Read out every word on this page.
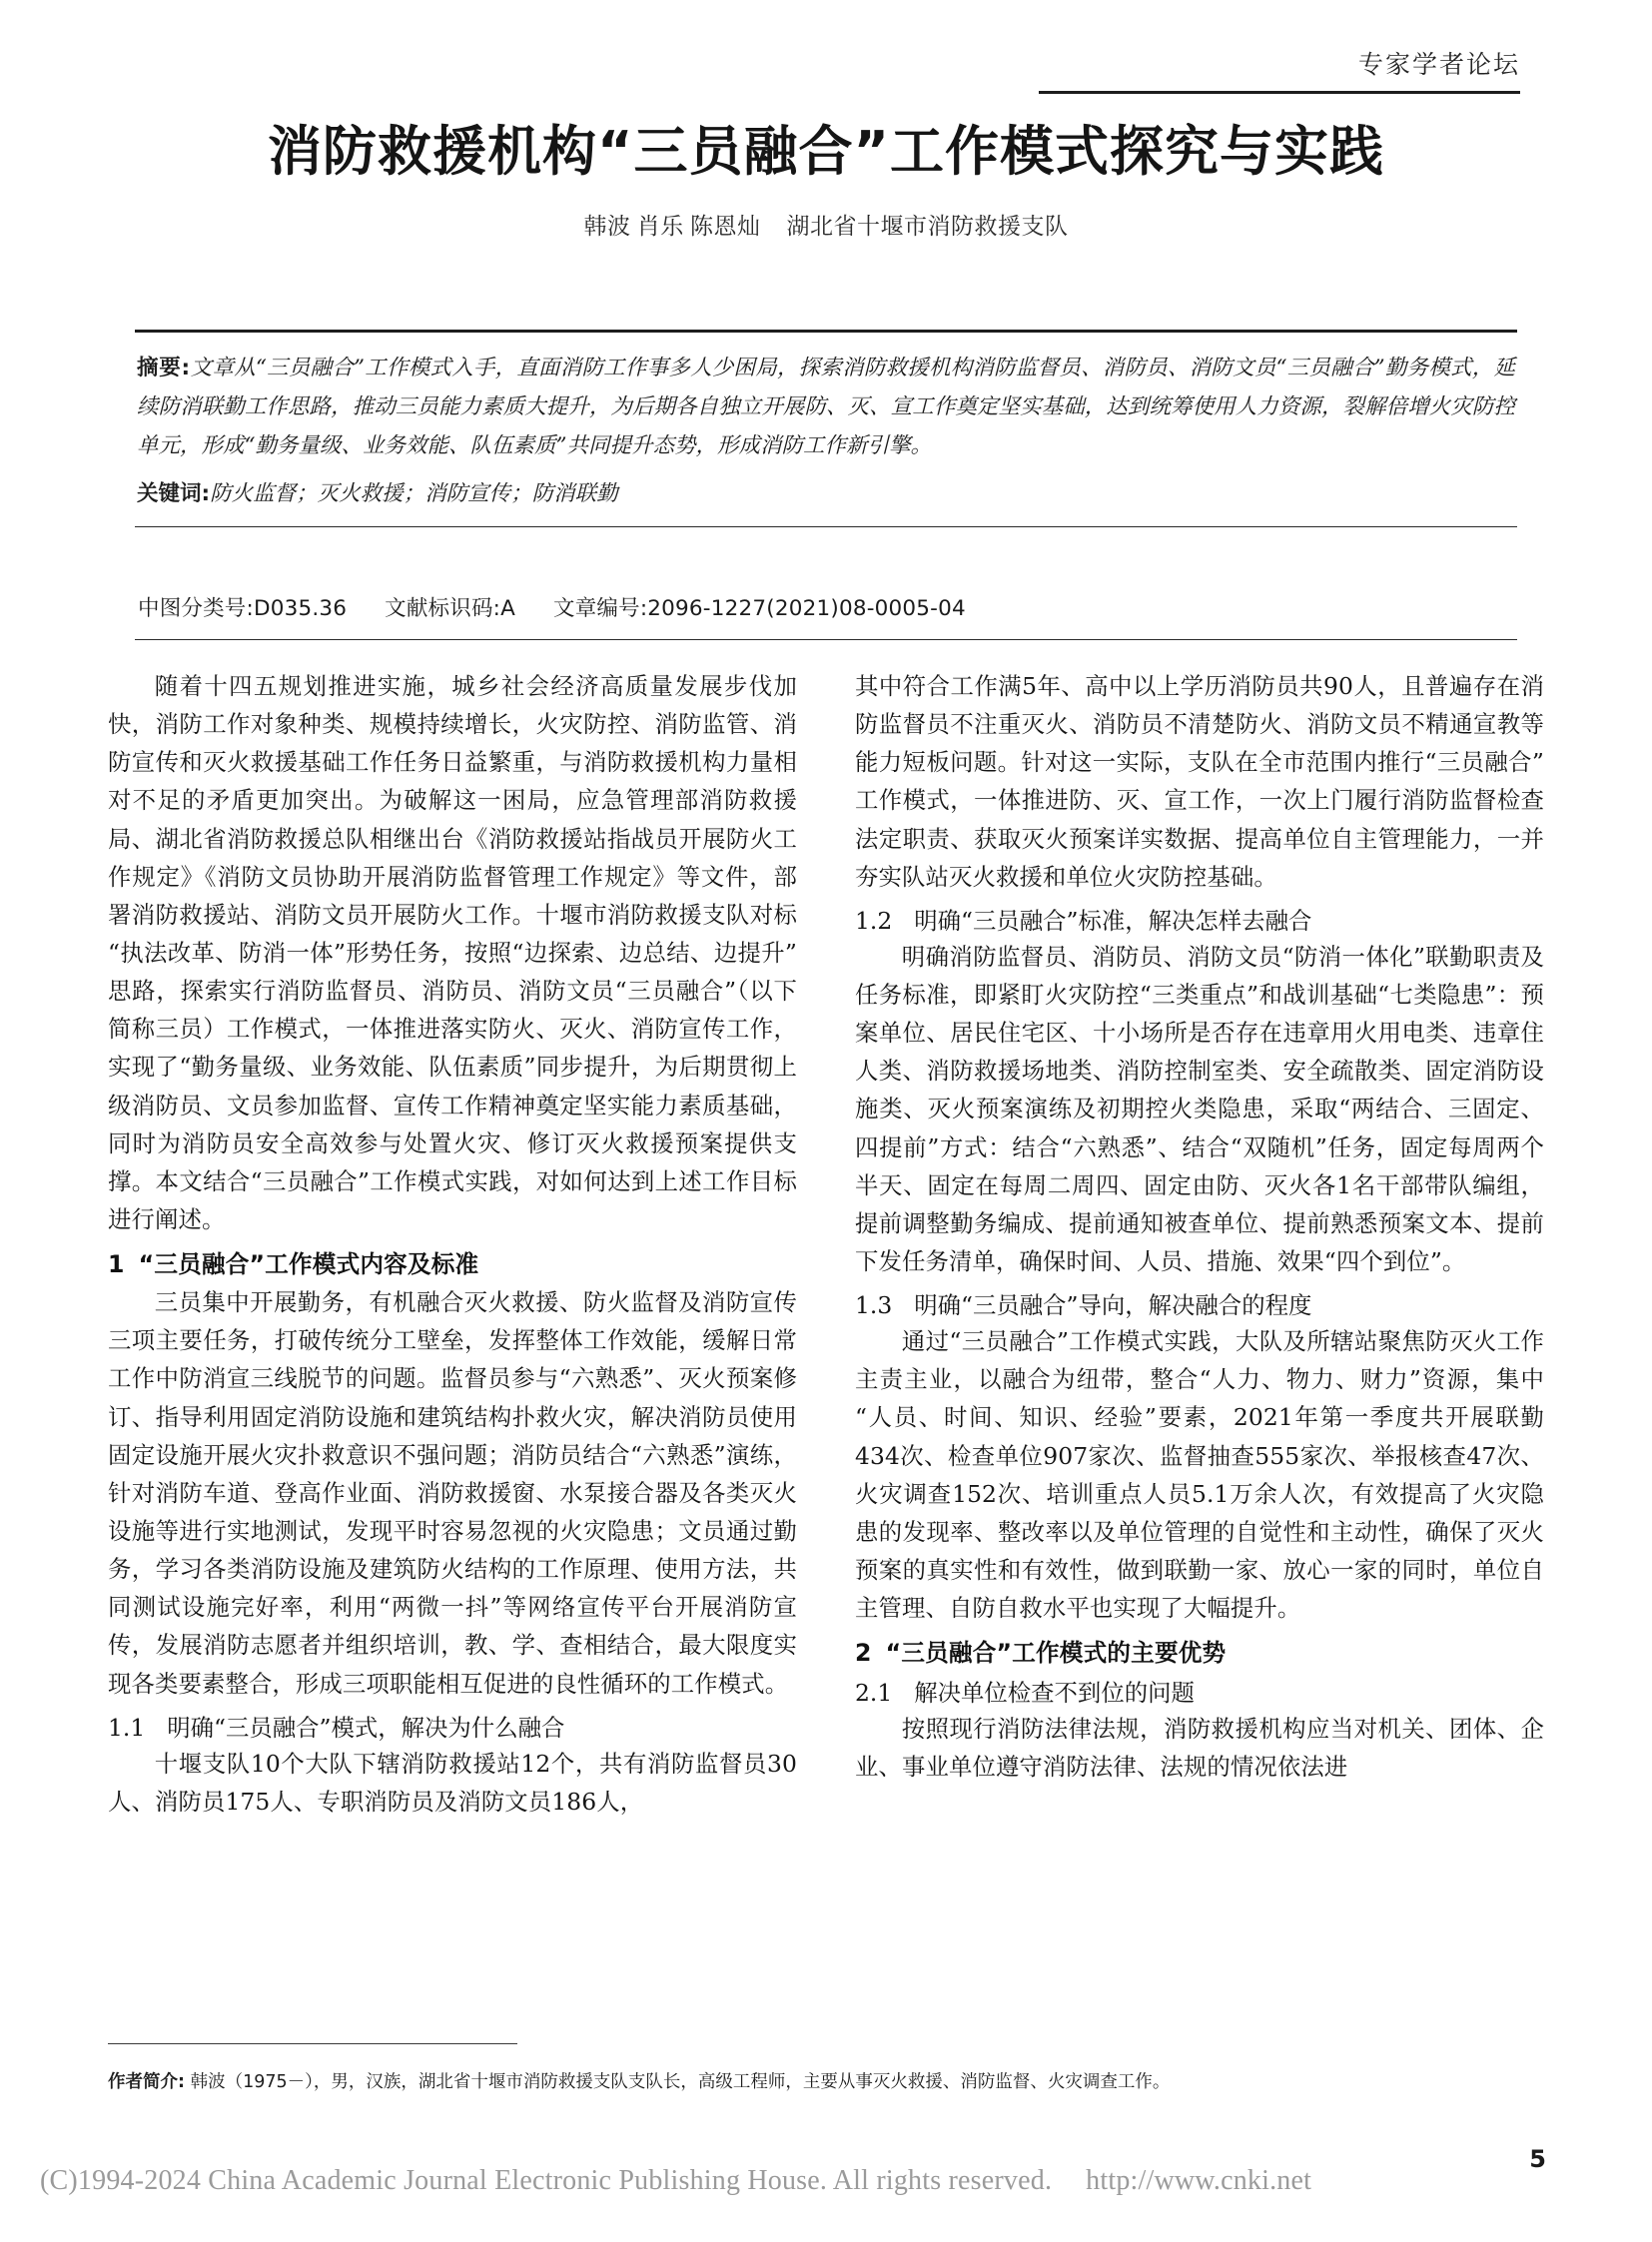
专家学者论坛
消防救援机构“三员融合”工作模式探究与实践
韩波 肖乐 陈恩灿 湖北省十堰市消防救援支队
摘要:文章从“三员融合”工作模式入手，直面消防工作事多人少困局，探索消防救援机构消防监督员、消防员、消防文员“三员融合”勤务模式，延续防消联勤工作思路，推动三员能力素质大提升，为后期各自独立开展防、灭、宣工作奠定坚实基础，达到统筹使用人力资源，裂解倍增火灾防控单元，形成“勤务量级、业务效能、队伍素质”共同提升态势，形成消防工作新引擎。
关键词:防火监督；灭火救援；消防宣传；防消联勤
中图分类号:D035.36 文献标识码:A 文章编号:2096-1227(2021)08-0005-04

随着十四五规划推进实施，城乡社会经济高质量发展步伐加快，消防工作对象种类、规模持续增长，火灾防控、消防监管、消防宣传和灭火救援基础工作任务日益繁重，与消防救援机构力量相对不足的矛盾更加突出。为破解这一困局，应急管理部消防救援局、湖北省消防救援总队相继出台《消防救援站指战员开展防火工作规定》《消防文员协助开展消防监督管理工作规定》等文件，部署消防救援站、消防文员开展防火工作。十堰市消防救援支队对标“执法改革、防消一体”形势任务，按照“边探索、边总结、边提升”思路，探索实行消防监督员、消防员、消防文员“三员融合”（以下简称三员）工作模式，一体推进落实防火、灭火、消防宣传工作，实现了“勤务量级、业务效能、队伍素质”同步提升，为后期贯彻上级消防员、文员参加监督、宣传工作精神奠定坚实能力素质基础，同时为消防员安全高效参与处置火灾、修订灭火救援预案提供支撑。本文结合“三员融合”工作模式实践，对如何达到上述工作目标进行阐述。

1 “三员融合”工作模式内容及标准

三员集中开展勤务，有机融合灭火救援、防火监督及消防宣传三项主要任务，打破传统分工壁垒，发挥整体工作效能，缓解日常工作中防消宣三线脱节的问题。监督员参与“六熟悉”、灭火预案修订、指导利用固定消防设施和建筑结构扑救火灾，解决消防员使用固定设施开展火灾扑救意识不强问题；消防员结合“六熟悉”演练，针对消防车道、登高作业面、消防救援窗、水泵接合器及各类灭火设施等进行实地测试，发现平时容易忽视的火灾隐患；文员通过勤务，学习各类消防设施及建筑防火结构的工作原理、使用方法，共同测试设施完好率，利用“两微一抖”等网络宣传平台开展消防宣传，发展消防志愿者并组织培训，教、学、查相结合，最大限度实现各类要素整合，形成三项职能相互促进的良性循环的工作模式。

1.1 明确“三员融合”模式，解决为什么融合

十堰支队10个大队下辖消防救援站12个，共有消防监督员30人、消防员175人、专职消防员及消防文员186人，

其中符合工作满5年、高中以上学历消防员共90人，且普遍存在消防监督员不注重灭火、消防员不清楚防火、消防文员不精通宣教等能力短板问题。针对这一实际，支队在全市范围内推行“三员融合”工作模式，一体推进防、灭、宣工作，一次上门履行消防监督检查法定职责、获取灭火预案详实数据、提高单位自主管理能力，一并夯实队站灭火救援和单位火灾防控基础。

1.2 明确“三员融合”标准，解决怎样去融合

明确消防监督员、消防员、消防文员“防消一体化”联勤职责及任务标准，即紧盯火灾防控“三类重点”和战训基础“七类隐患”：预案单位、居民住宅区、十小场所是否存在违章用火用电类、违章住人类、消防救援场地类、消防控制室类、安全疏散类、固定消防设施类、灭火预案演练及初期控火类隐患，采取“两结合、三固定、四提前”方式：结合“六熟悉”、结合“双随机”任务，固定每周两个半天、固定在每周二周四、固定由防、灭火各1名干部带队编组，提前调整勤务编成、提前通知被查单位、提前熟悉预案文本、提前下发任务清单，确保时间、人员、措施、效果“四个到位”。

1.3 明确“三员融合”导向，解决融合的程度

通过“三员融合”工作模式实践，大队及所辖站聚焦防灭火工作主责主业，以融合为纽带，整合“人力、物力、财力”资源，集中“人员、时间、知识、经验”要素，2021年第一季度共开展联勤434次、检查单位907家次、监督抽查555家次、举报核查47次、火灾调查152次、培训重点人员5.1万余人次，有效提高了火灾隐患的发现率、整改率以及单位管理的自觉性和主动性，确保了灭火预案的真实性和有效性，做到联勤一家、放心一家的同时，单位自主管理、自防自救水平也实现了大幅提升。

2 “三员融合”工作模式的主要优势
2.1 解决单位检查不到位的问题

按照现行消防法律法规，消防救援机构应当对机关、团体、企业、事业单位遵守消防法律、法规的情况依法进

作者简介: 韩波（1975－），男，汉族，湖北省十堰市消防救援支队支队长，高级工程师，主要从事灭火救援、消防监督、火灾调查工作。
(C)1994-2024 China Academic Journal Electronic Publishing House. All rights reserved. http://www.cnki.net
5
